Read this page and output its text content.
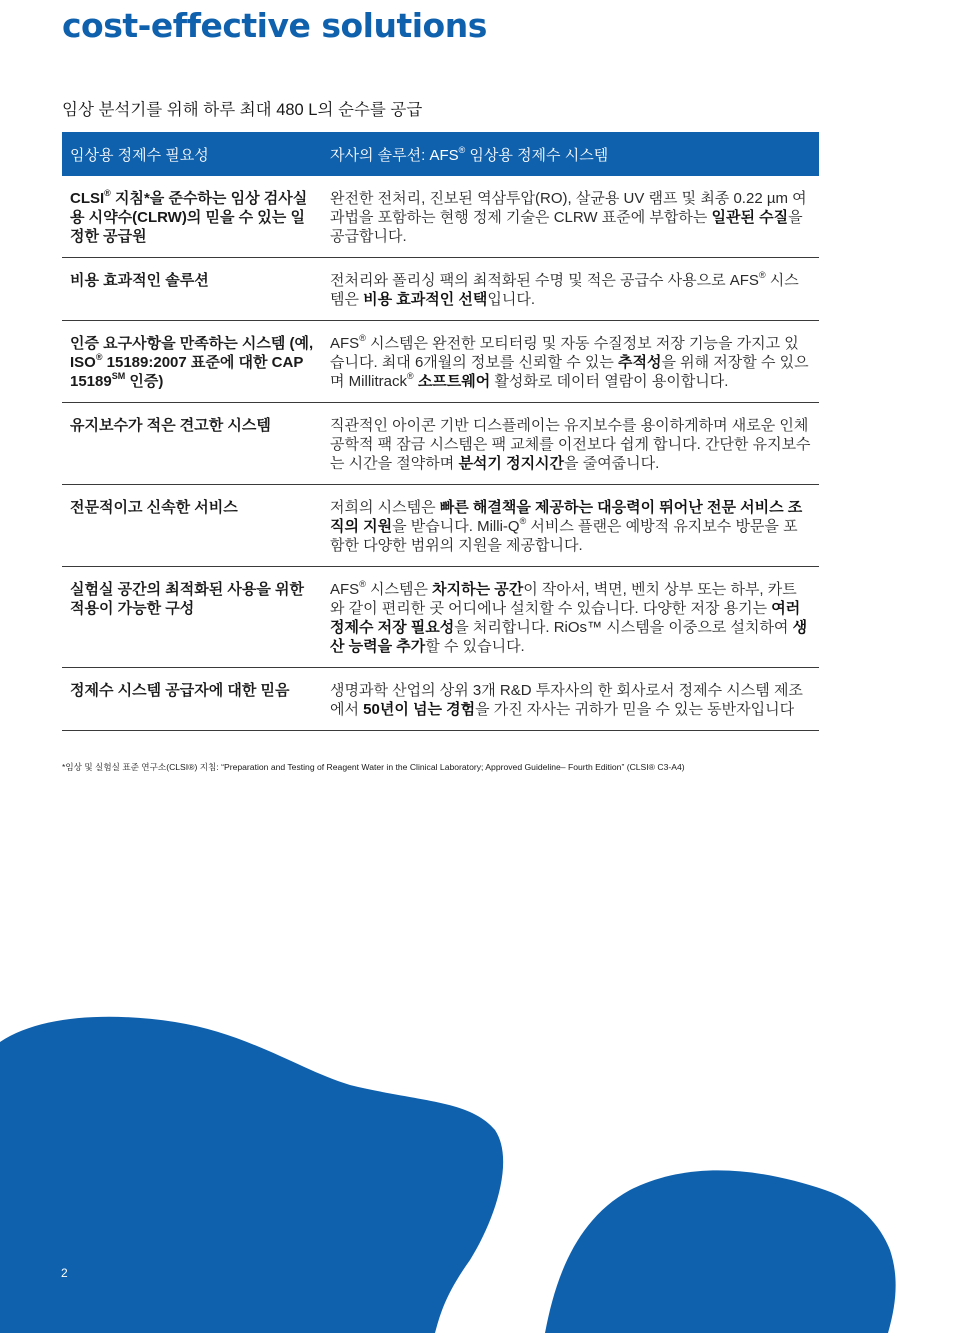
cost-effective solutions

임상 분석기를 위해 하루 최대 480 L의 순수를 공급

임상용 정제수 필요성	자사의 솔루션: AFS® 임상용 정제수 시스템
CLSI® 지침*을 준수하는 임상 검사실용 시약수(CLRW)의 믿을 수 있는 일정한 공급원	완전한 전처리, 진보된 역삼투압(RO), 살균용 UV 램프 및 최종 0.22 µm 여과법을 포함하는 현행 정제 기술은 CLRW 표준에 부합하는 일관된 수질을 공급합니다.
비용 효과적인 솔루션	전처리와 폴리싱 팩의 최적화된 수명 및 적은 공급수 사용으로 AFS® 시스템은 비용 효과적인 선택입니다.
인증 요구사항을 만족하는 시스템 (예, ISO® 15189:2007 표준에 대한 CAP 15189℠ 인증)	AFS® 시스템은 완전한 모티터링 및 자동 수질정보 저장 기능을 가지고 있습니다. 최대 6개월의 정보를 신뢰할 수 있는 추적성을 위해 저장할 수 있으며 Millitrack® 소프트웨어 활성화로 데이터 열람이 용이합니다.
유지보수가 적은 견고한 시스템	직관적인 아이콘 기반 디스플레이는 유지보수를 용이하게하며 새로운 인체공학적 팩 잠금 시스템은 팩 교체를 이전보다 쉽게 합니다. 간단한 유지보수는 시간을 절약하며 분석기 정지시간을 줄여줍니다.
전문적이고 신속한 서비스	저희의 시스템은 빠른 해결책을 제공하는 대응력이 뛰어난 전문 서비스 조직의 지원을 받습니다. Milli-Q® 서비스 플랜은 예방적 유지보수 방문을 포함한 다양한 범위의 지원을 제공합니다.
실험실 공간의 최적화된 사용을 위한 적용이 가능한 구성	AFS® 시스템은 차지하는 공간이 작아서, 벽면, 벤치 상부 또는 하부, 카트와 같이 편리한 곳 어디에나 설치할 수 있습니다. 다양한 저장 용기는 여러 정제수 저장 필요성을 처리합니다. RiOs™ 시스템을 이중으로 설치하여 생산 능력을 추가할 수 있습니다.
정제수 시스템 공급자에 대한 믿음	생명과학 산업의 상위 3개 R&D 투자사의 한 회사로서 정제수 시스템 제조에서 50년이 넘는 경험을 가진 자사는 귀하가 믿을 수 있는 동반자입니다

*임상 및 실험실 표준 연구소(CLSI®) 지침: “Preparation and Testing of Reagent Water in the Clinical Laboratory; Approved Guideline– Fourth Edition” (CLSI® C3-A4)

2
